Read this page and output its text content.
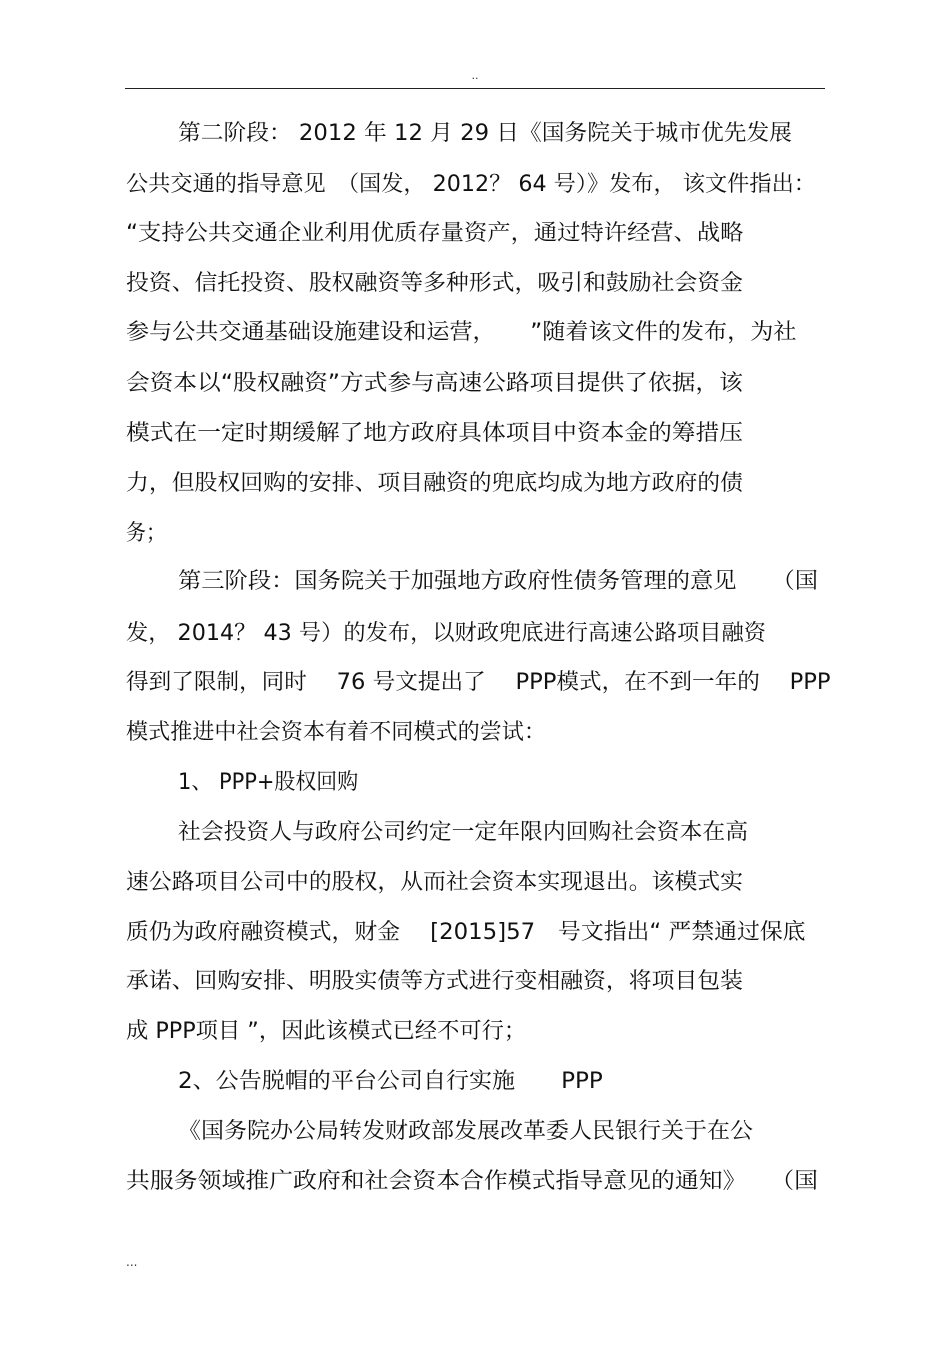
..
第二阶段： 2012 年 12 月 29 日《国务院关于城市优先发展
公共交通的指导意见　（国发， 2012？ 64 号）》发布， 该文件指出：
“支持公共交通企业利用优质存量资产，通过特许经营、战略
投资、信托投资、股权融资等多种形式，吸引和鼓励社会资金
参与公共交通基础设施建设和运营，　　”随着该文件的发布，为社
会资本以“股权融资”方式参与高速公路项目提供了依据，该
模式在一定时期缓解了地方政府具体项目中资本金的筹措压
力，但股权回购的安排、项目融资的兜底均成为地方政府的债
务；
第三阶段：国务院关于加强地方政府性债务管理的意见　　（国
发， 2014？ 43 号）的发布，以财政兜底进行高速公路项目融资
得到了限制，同时　 76 号文提出了　 PPP模式，在不到一年的　 PPP
模式推进中社会资本有着不同模式的尝试：
1、 PPP+股权回购
社会投资人与政府公司约定一定年限内回购社会资本在高
速公路项目公司中的股权，从而社会资本实现退出。该模式实
质仍为政府融资模式，财金　 [2015]57　号文指出“ 严禁通过保底
承诺、回购安排、明股实债等方式进行变相融资，将项目包装
成 PPP项目 ”，因此该模式已经不可行；
2、公告脱帽的平台公司自行实施　　PPP
《国务院办公局转发财政部发展改革委人民银行关于在公
共服务领域推广政府和社会资本合作模式指导意见的通知》　　（国
...
